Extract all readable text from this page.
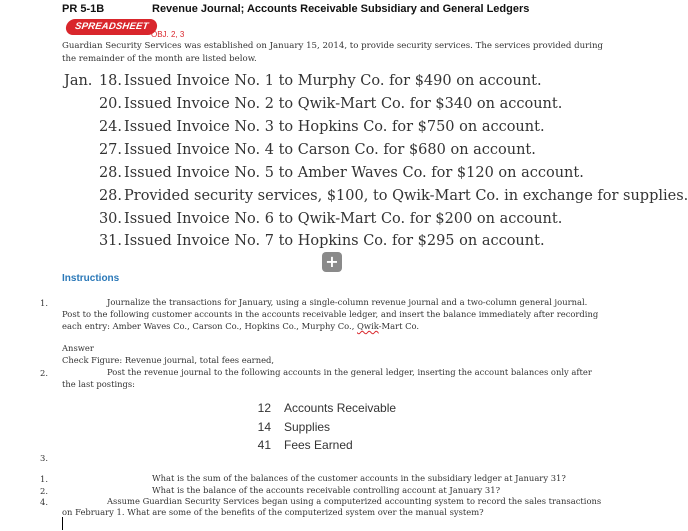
PR 5-1B	Revenue Journal; Accounts Receivable Subsidiary and General Ledgers
SPREADSHEET
OBJ. 2, 3
Guardian Security Services was established on January 15, 2014, to provide security services. The services provided during the remainder of the month are listed below.
Jan. 18. Issued Invoice No. 1 to Murphy Co. for $490 on account.
20. Issued Invoice No. 2 to Qwik-Mart Co. for $340 on account.
24. Issued Invoice No. 3 to Hopkins Co. for $750 on account.
27. Issued Invoice No. 4 to Carson Co. for $680 on account.
28. Issued Invoice No. 5 to Amber Waves Co. for $120 on account.
28. Provided security services, $100, to Qwik-Mart Co. in exchange for supplies.
30. Issued Invoice No. 6 to Qwik-Mart Co. for $200 on account.
31. Issued Invoice No. 7 to Hopkins Co. for $295 on account.
+
Instructions
1.	Journalize the transactions for January, using a single-column revenue journal and a two-column general journal.
Post to the following customer accounts in the accounts receivable ledger, and insert the balance immediately after recording
each entry: Amber Waves Co., Carson Co., Hopkins Co., Murphy Co., Qwik-Mart Co.
Answer
Check Figure: Revenue journal, total fees earned,
2.	Post the revenue journal to the following accounts in the general ledger, inserting the account balances only after
the last postings:
12 Accounts Receivable
14 Supplies
41 Fees Earned
3.
1.	What is the sum of the balances of the customer accounts in the subsidiary ledger at January 31?
2.	What is the balance of the accounts receivable controlling account at January 31?
4.	Assume Guardian Security Services began using a computerized accounting system to record the sales transactions
on February 1. What are some of the benefits of the computerized system over the manual system?
